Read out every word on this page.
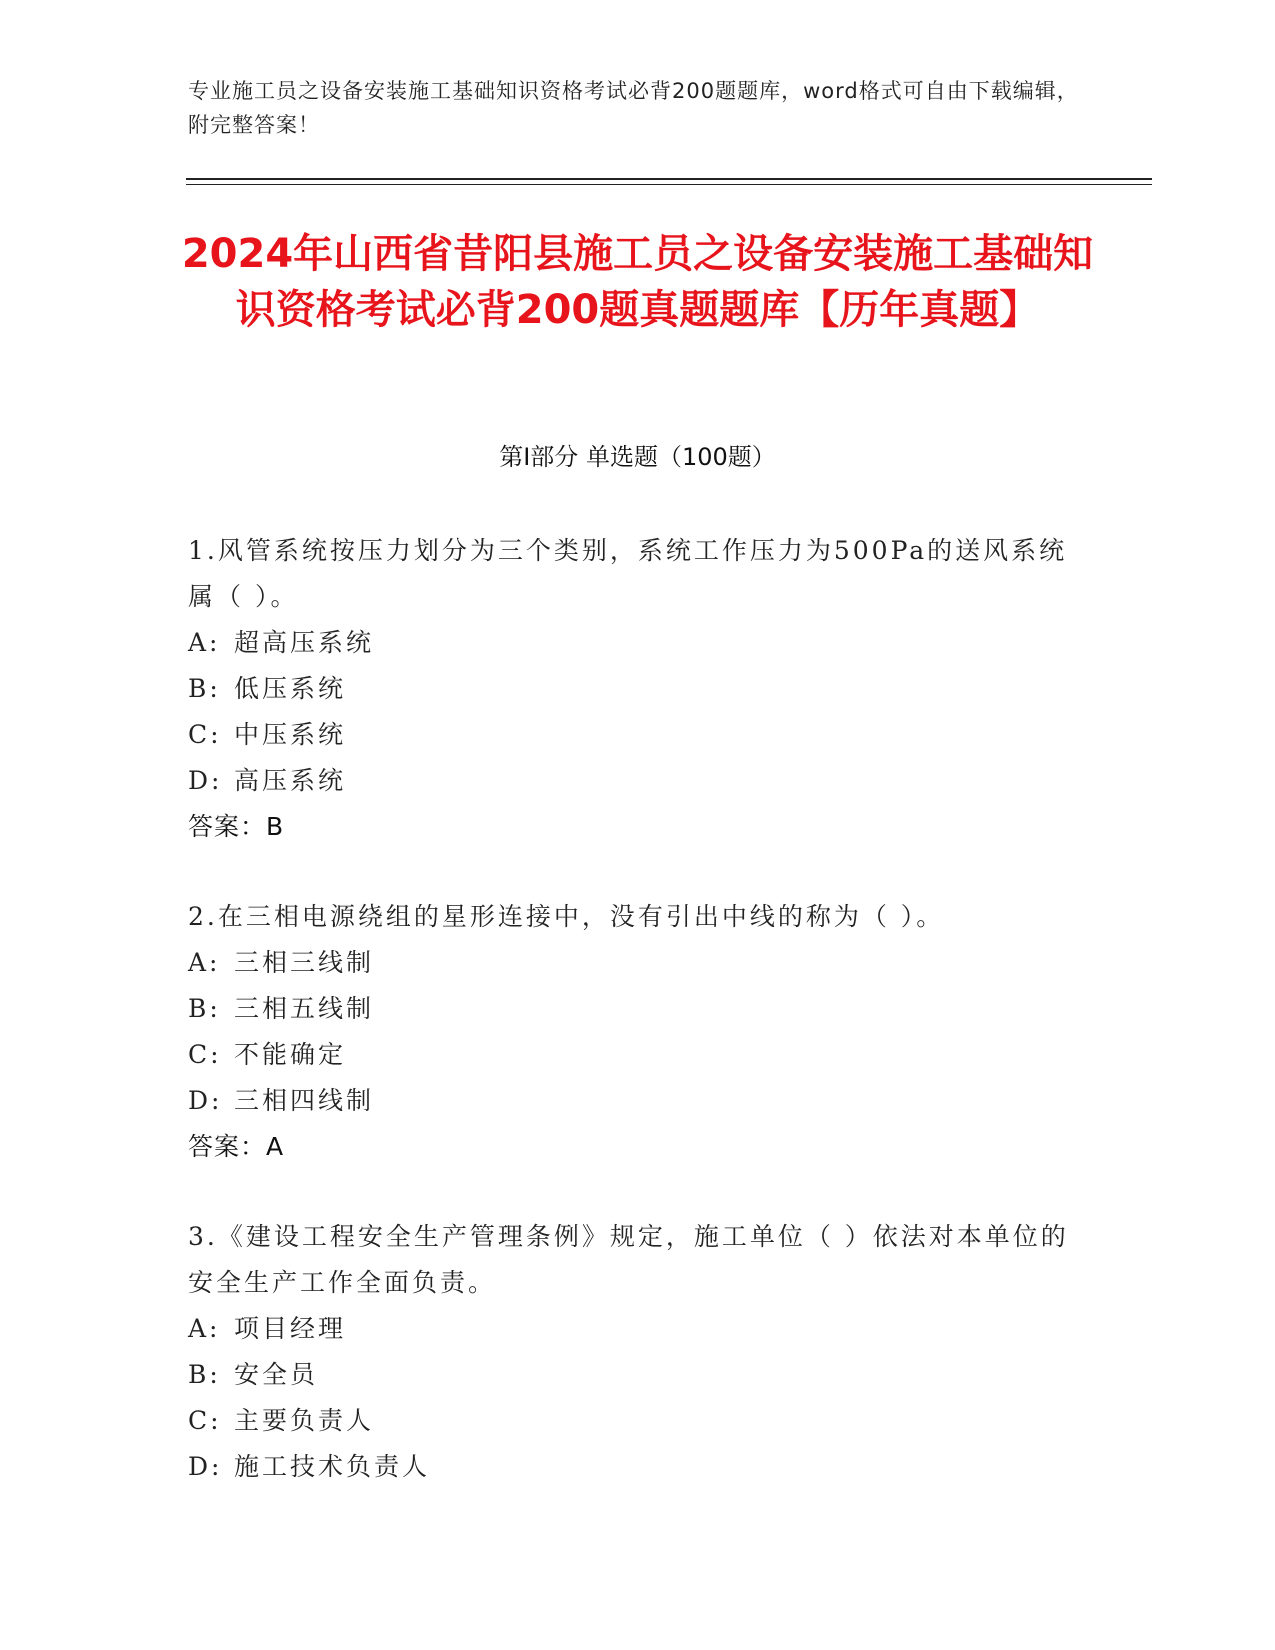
专业施工员之设备安装施工基础知识资格考试必背200题题库，word格式可自由下载编辑，附完整答案！
2024年山西省昔阳县施工员之设备安装施工基础知识资格考试必背200题真题题库【历年真题】
第I部分 单选题（100题）
1.风管系统按压力划分为三个类别，系统工作压力为500Pa的送风系统属（ ）。
A: 超高压系统
B: 低压系统
C: 中压系统
D: 高压系统
答案：B
2.在三相电源绕组的星形连接中，没有引出中线的称为（ ）。
A: 三相三线制
B: 三相五线制
C: 不能确定
D: 三相四线制
答案：A
3.《建设工程安全生产管理条例》规定，施工单位（ ）依法对本单位的安全生产工作全面负责。
A: 项目经理
B: 安全员
C: 主要负责人
D: 施工技术负责人
